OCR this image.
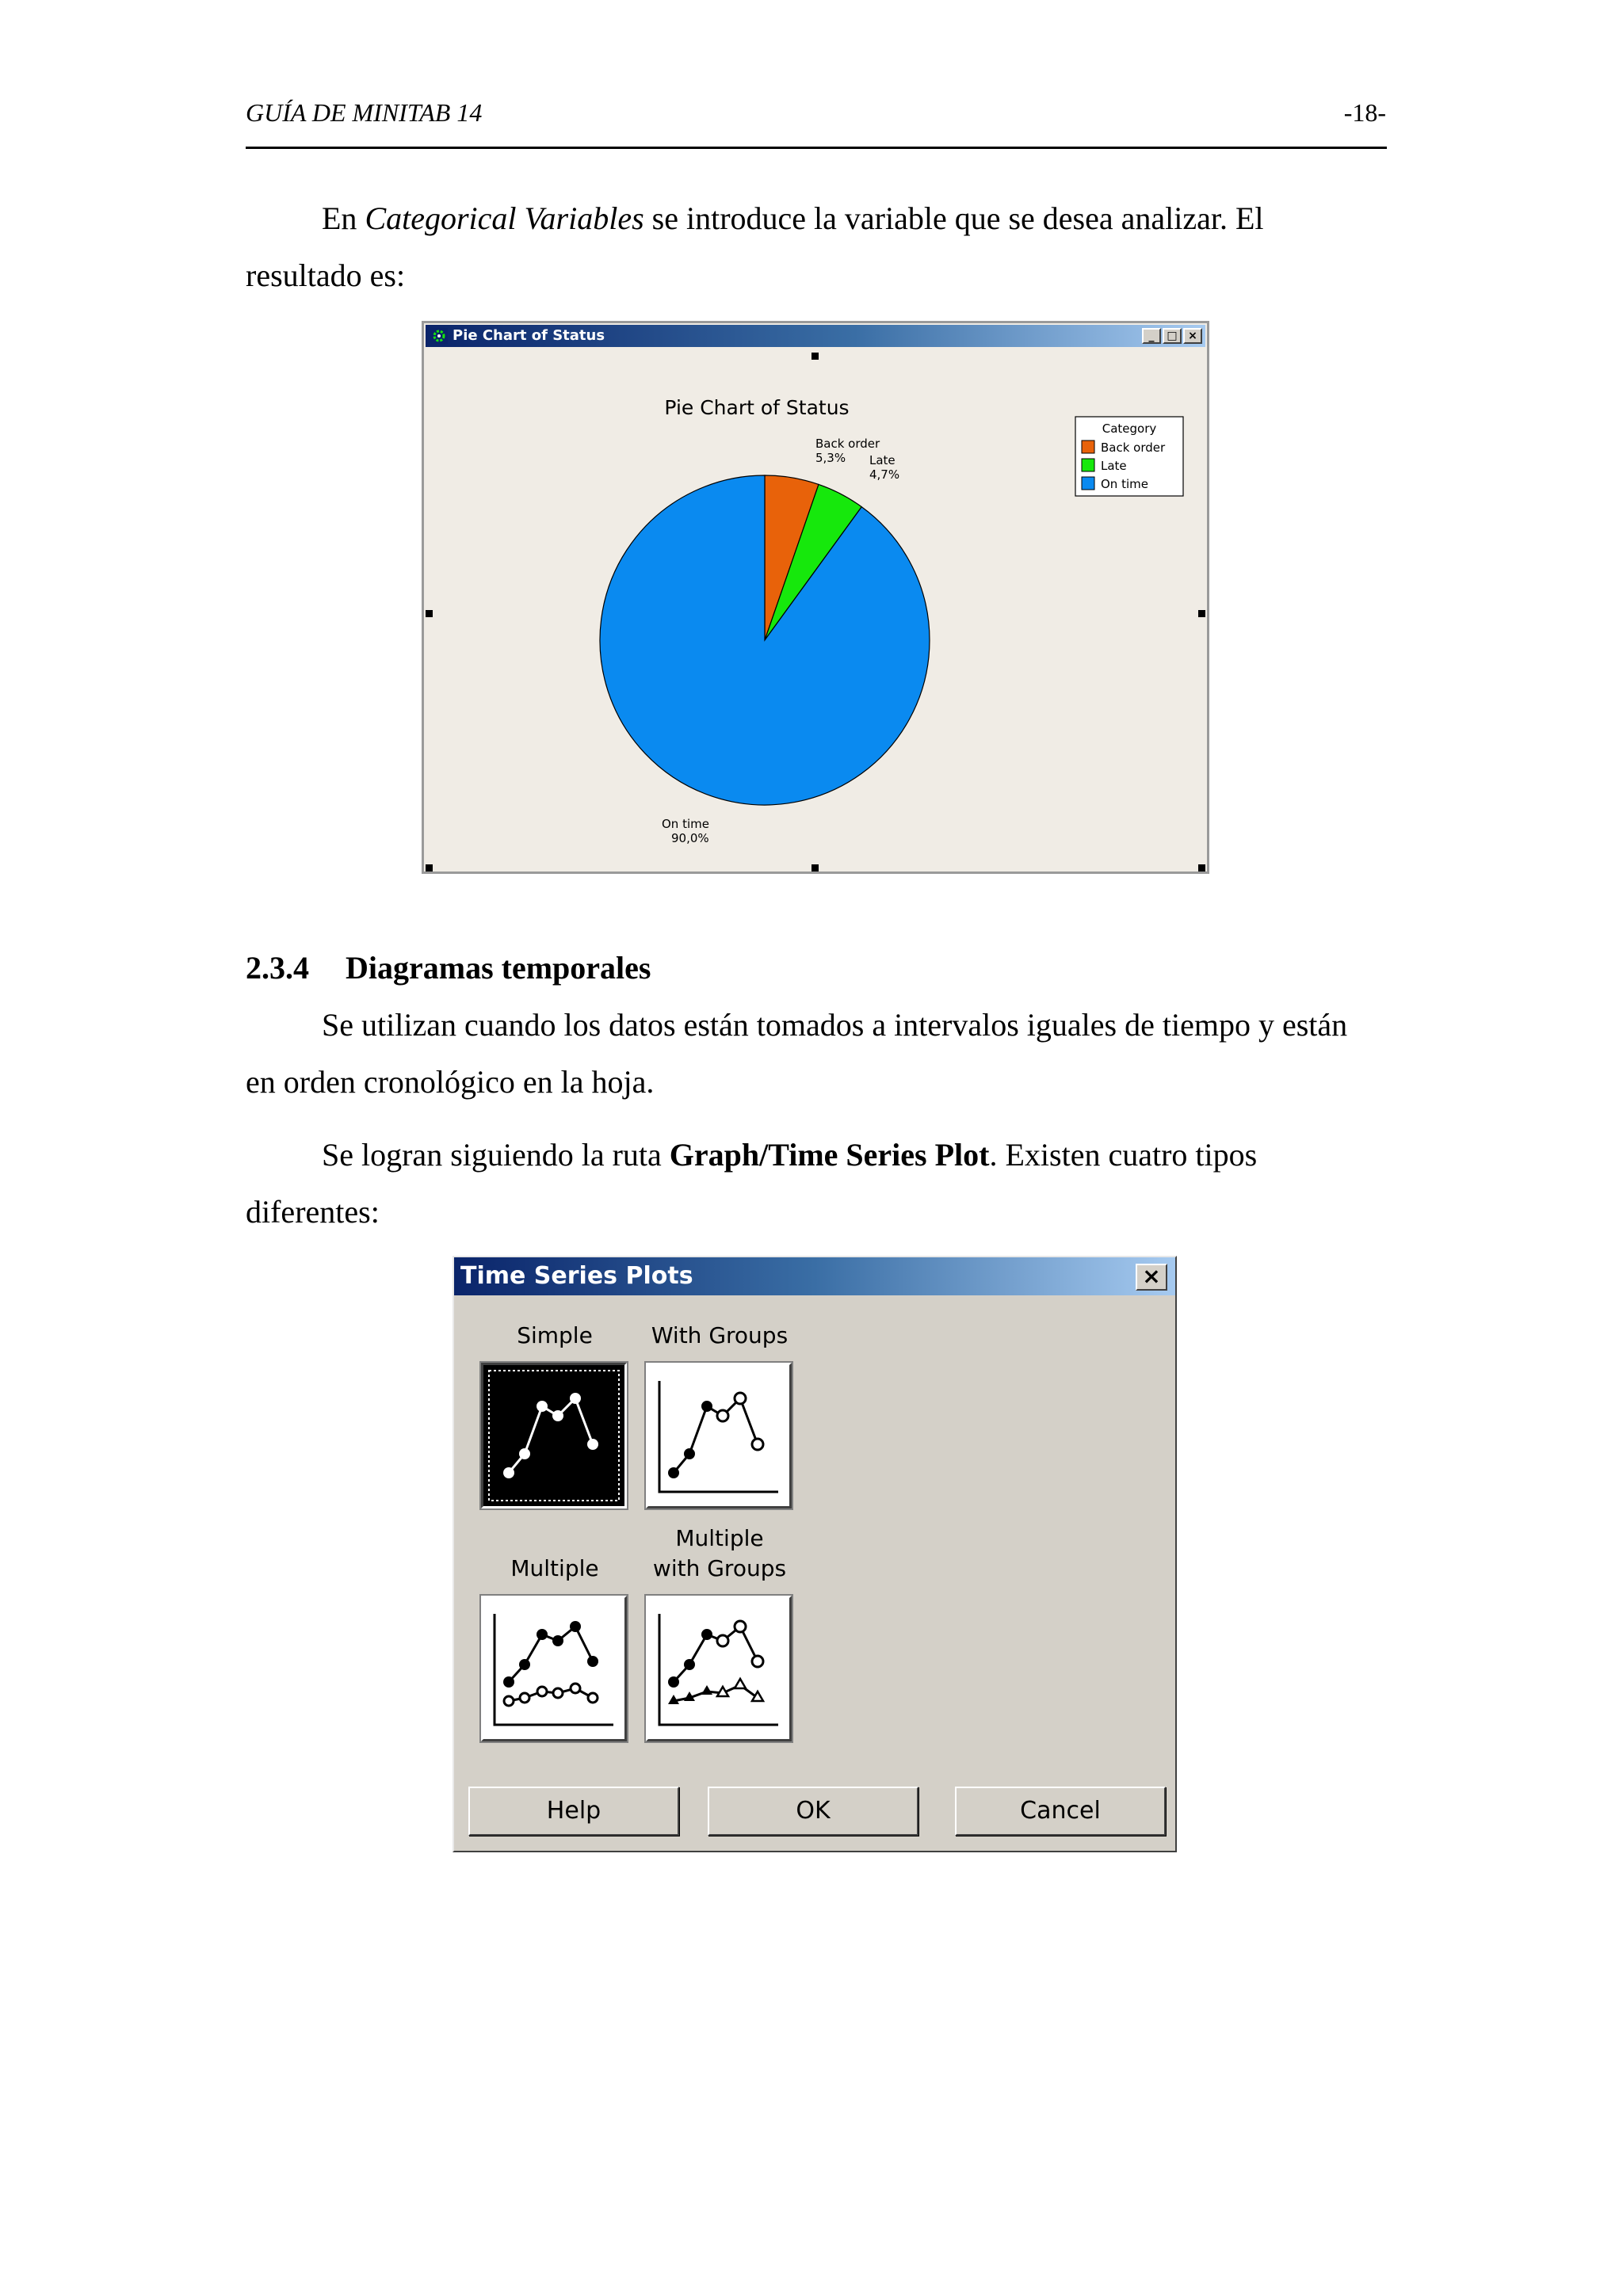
GUÍA DE MINITAB 14	-18-

En Categorical Variables se introduce la variable que se desea analizar. El

resultado es:

Pie Chart of Status	_	□ ×
Pie Chart of Status
Back order
5,3% Late
4,7%
On time
90,0%
Category
Back order
Late
On time
2.3.4 Diagramas temporales

Se utilizan cuando los datos están tomados a intervalos iguales de tiempo y están

en orden cronológico en la hoja.

Se logran siguiendo la ruta Graph/Time Series Plot. Existen cuatro tipos

diferentes:

Time Series Plots	×
Simple	With Groups
Multiple
Multiple
with Groups
Help	OK	Cancel
